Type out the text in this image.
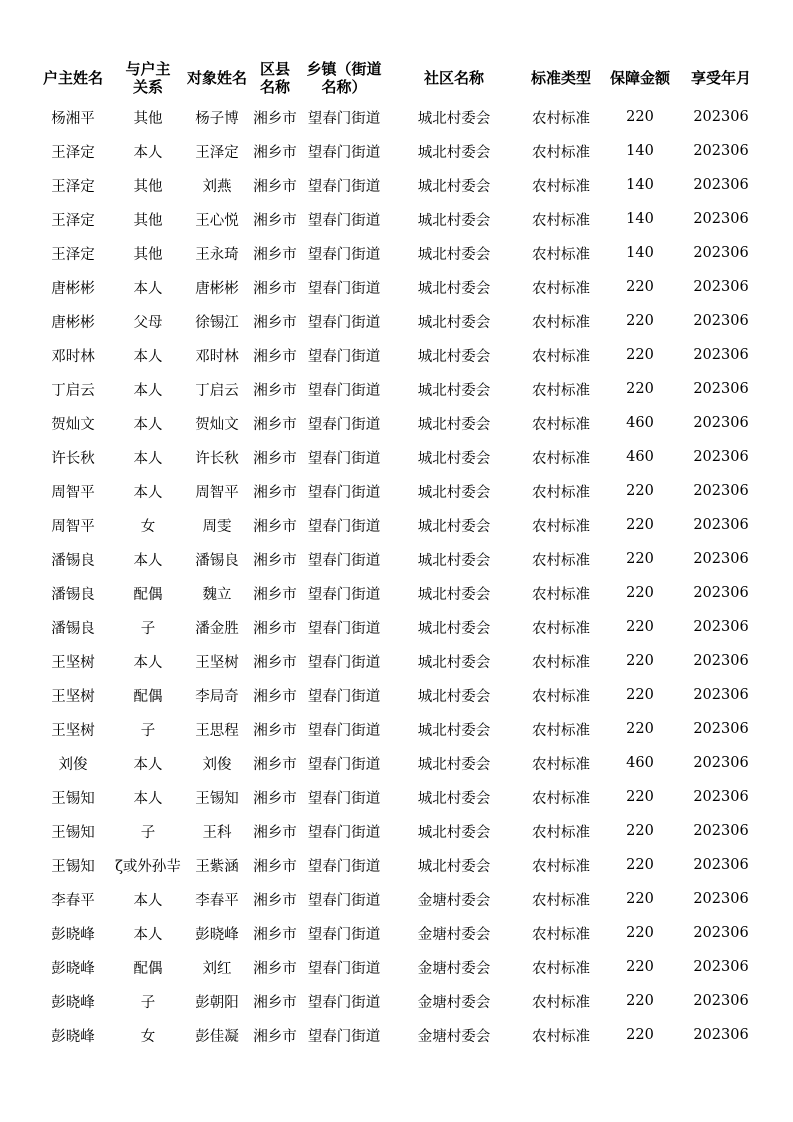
户主姓名	与户主关系	对象姓名	区县名称	乡镇（街道名称）	社区名称	标准类型	保障金额	享受年月
杨湘平	其他	杨子博	湘乡市	望春门街道	城北村委会	农村标准	220	202306
王泽定	本人	王泽定	湘乡市	望春门街道	城北村委会	农村标准	140	202306
王泽定	其他	刘燕	湘乡市	望春门街道	城北村委会	农村标准	140	202306
王泽定	其他	王心悦	湘乡市	望春门街道	城北村委会	农村标准	140	202306
王泽定	其他	王永琦	湘乡市	望春门街道	城北村委会	农村标准	140	202306
唐彬彬	本人	唐彬彬	湘乡市	望春门街道	城北村委会	农村标准	220	202306
唐彬彬	父母	徐锡江	湘乡市	望春门街道	城北村委会	农村标准	220	202306
邓时林	本人	邓时林	湘乡市	望春门街道	城北村委会	农村标准	220	202306
丁启云	本人	丁启云	湘乡市	望春门街道	城北村委会	农村标准	220	202306
贺灿文	本人	贺灿文	湘乡市	望春门街道	城北村委会	农村标准	460	202306
许长秋	本人	许长秋	湘乡市	望春门街道	城北村委会	农村标准	460	202306
周智平	本人	周智平	湘乡市	望春门街道	城北村委会	农村标准	220	202306
周智平	女	周雯	湘乡市	望春门街道	城北村委会	农村标准	220	202306
潘锡良	本人	潘锡良	湘乡市	望春门街道	城北村委会	农村标准	220	202306
潘锡良	配偶	魏立	湘乡市	望春门街道	城北村委会	农村标准	220	202306
潘锡良	子	潘金胜	湘乡市	望春门街道	城北村委会	农村标准	220	202306
王坚树	本人	王坚树	湘乡市	望春门街道	城北村委会	农村标准	220	202306
王坚树	配偶	李局奇	湘乡市	望春门街道	城北村委会	农村标准	220	202306
王坚树	子	王思程	湘乡市	望春门街道	城北村委会	农村标准	220	202306
刘俊	本人	刘俊	湘乡市	望春门街道	城北村委会	农村标准	460	202306
王锡知	本人	王锡知	湘乡市	望春门街道	城北村委会	农村标准	220	202306
王锡知	子	王科	湘乡市	望春门街道	城北村委会	农村标准	220	202306
王锡知	ζ或外孙⺸	王紫涵	湘乡市	望春门街道	城北村委会	农村标准	220	202306
李春平	本人	李春平	湘乡市	望春门街道	金塘村委会	农村标准	220	202306
彭晓峰	本人	彭晓峰	湘乡市	望春门街道	金塘村委会	农村标准	220	202306
彭晓峰	配偶	刘红	湘乡市	望春门街道	金塘村委会	农村标准	220	202306
彭晓峰	子	彭朝阳	湘乡市	望春门街道	金塘村委会	农村标准	220	202306
彭晓峰	女	彭佳凝	湘乡市	望春门街道	金塘村委会	农村标准	220	202306
